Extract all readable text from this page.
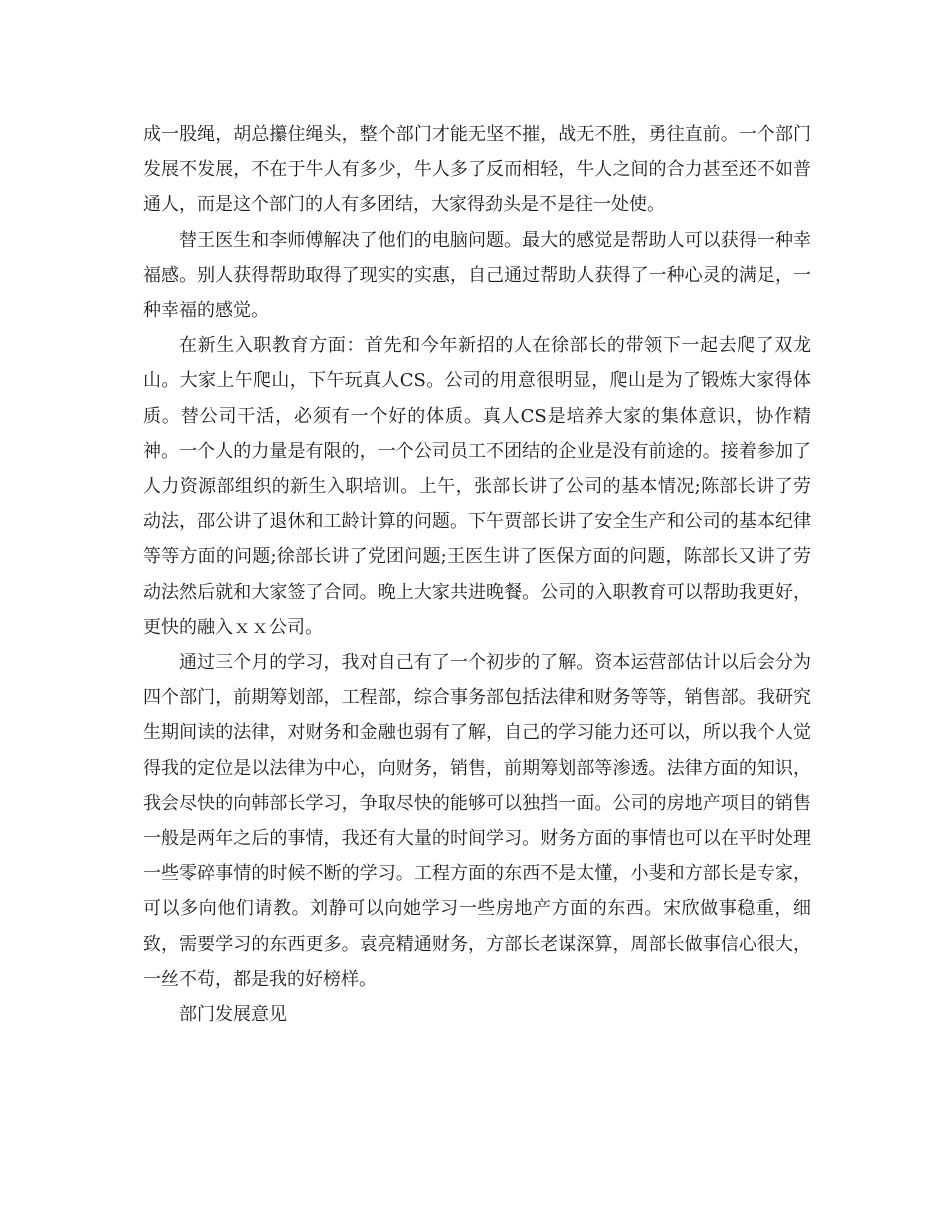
成一股绳，胡总攥住绳头，整个部门才能无坚不摧，战无不胜，勇往直前。一个部门发展不发展，不在于牛人有多少，牛人多了反而相轻，牛人之间的合力甚至还不如普通人，而是这个部门的人有多团结，大家得劲头是不是往一处使。

替王医生和李师傅解决了他们的电脑问题。最大的感觉是帮助人可以获得一种幸福感。别人获得帮助取得了现实的实惠，自己通过帮助人获得了一种心灵的满足，一种幸福的感觉。

在新生入职教育方面：首先和今年新招的人在徐部长的带领下一起去爬了双龙山。大家上午爬山，下午玩真人CS。公司的用意很明显，爬山是为了锻炼大家得体质。替公司干活，必须有一个好的体质。真人CS是培养大家的集体意识，协作精神。一个人的力量是有限的，一个公司员工不团结的企业是没有前途的。接着参加了人力资源部组织的新生入职培训。上午，张部长讲了公司的基本情况;陈部长讲了劳动法，邵公讲了退休和工龄计算的问题。下午贾部长讲了安全生产和公司的基本纪律等等方面的问题;徐部长讲了党团问题;王医生讲了医保方面的问题，陈部长又讲了劳动法然后就和大家签了合同。晚上大家共进晚餐。公司的入职教育可以帮助我更好，更快的融入ｘｘ公司。

通过三个月的学习，我对自己有了一个初步的了解。资本运营部估计以后会分为四个部门，前期筹划部，工程部，综合事务部包括法律和财务等等，销售部。我研究生期间读的法律，对财务和金融也弱有了解，自己的学习能力还可以，所以我个人觉得我的定位是以法律为中心，向财务，销售，前期筹划部等渗透。法律方面的知识，我会尽快的向韩部长学习，争取尽快的能够可以独挡一面。公司的房地产项目的销售一般是两年之后的事情，我还有大量的时间学习。财务方面的事情也可以在平时处理一些零碎事情的时候不断的学习。工程方面的东西不是太懂，小斐和方部长是专家，可以多向他们请教。刘静可以向她学习一些房地产方面的东西。宋欣做事稳重，细致，需要学习的东西更多。袁亮精通财务，方部长老谋深算，周部长做事信心很大，一丝不苟，都是我的好榜样。

部门发展意见
